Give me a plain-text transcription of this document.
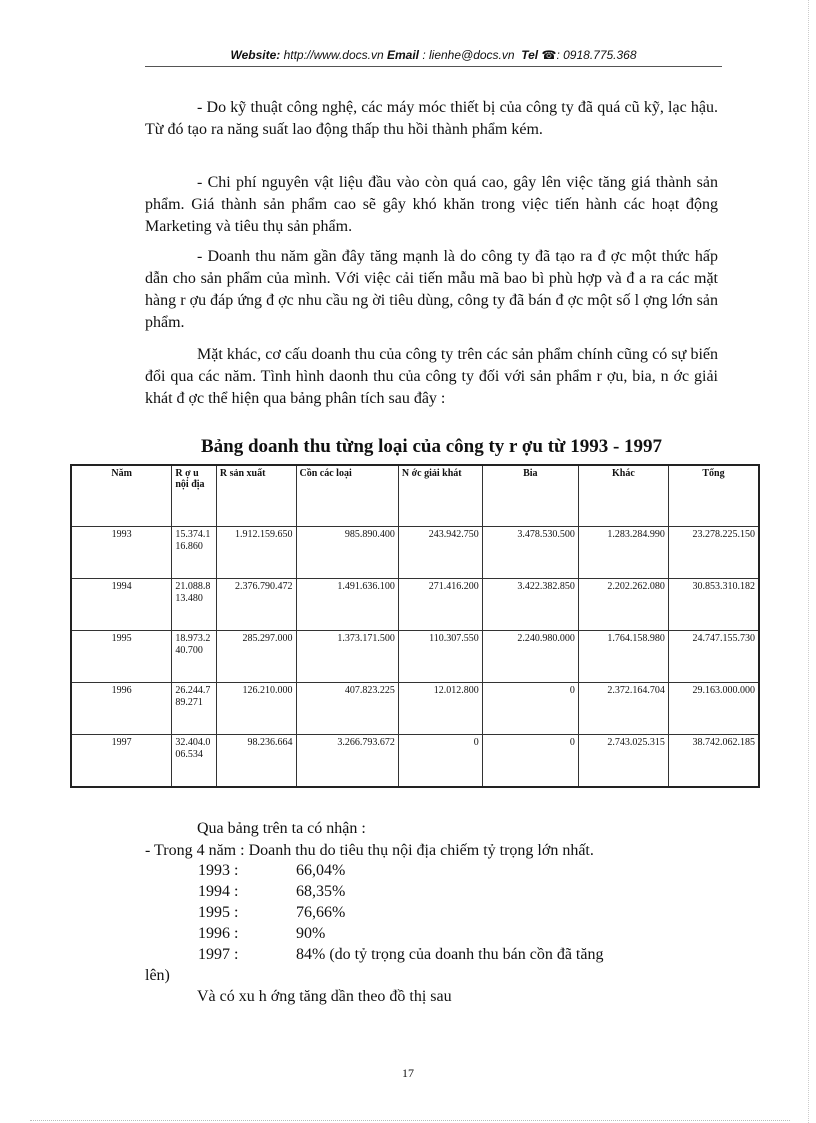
Website: http://www.docs.vn Email : lienhe@docs.vn Tel ☎: 0918.775.368

- Do kỹ thuật công nghệ, các máy móc thiết bị của công ty đã quá cũ kỹ, lạc hậu. Từ đó tạo ra năng suất lao động thấp thu hồi thành phẩm kém.

- Chi phí nguyên vật liệu đầu vào còn quá cao, gây lên việc tăng giá thành sản phẩm. Giá thành sản phẩm cao sẽ gây khó khăn trong việc tiến hành các hoạt động Marketing và tiêu thụ sản phẩm.

- Doanh thu năm gần đây tăng mạnh là do công ty đã tạo ra đ ợc một thức hấp dẫn cho sản phẩm của mình. Với việc cải tiến mẫu mã bao bì phù hợp và đ a ra các mặt hàng r ợu đáp ứng đ ợc nhu cầu ng ời tiêu dùng, công ty đã bán đ ợc một số l ợng lớn sản phẩm.

Mặt khác, cơ cấu doanh thu của công ty trên các sản phẩm chính cũng có sự biến đổi qua các năm. Tình hình daonh thu của công ty đối với sản phẩm r ợu, bia, n ớc giải khát đ ợc thể hiện qua bảng phân tích sau đây :

Bảng doanh thu từng loại của công ty r ợu từ 1993 - 1997
Năm	R ợ u nội địa	R sản xuất	Cồn các loại	N ớc giải khát	Bia	Khác	Tổng
1993	15.374.116.860	1.912.159.650	985.890.400	243.942.750	3.478.530.500	1.283.284.990	23.278.225.150
1994	21.088.813.480	2.376.790.472	1.491.636.100	271.416.200	3.422.382.850	2.202.262.080	30.853.310.182
1995	18.973.240.700	285.297.000	1.373.171.500	110.307.550	2.240.980.000	1.764.158.980	24.747.155.730
1996	26.244.789.271	126.210.000	407.823.225	12.012.800	0	2.372.164.704	29.163.000.000
1997	32.404.006.534	98.236.664	3.266.793.672	0	0	2.743.025.315	38.742.062.185
Qua bảng trên ta có nhận :
- Trong 4 năm : Doanh thu do tiêu thụ nội địa chiếm tỷ trọng lớn nhất.
1993 :	66,04%
1994 :	68,35%
1995 :	76,66%
1996 :	90%
1997 :	84% (do tỷ trọng của doanh thu bán cồn đã tăng
lên)
Và có xu h ớng tăng dần theo đồ thị sau
17
